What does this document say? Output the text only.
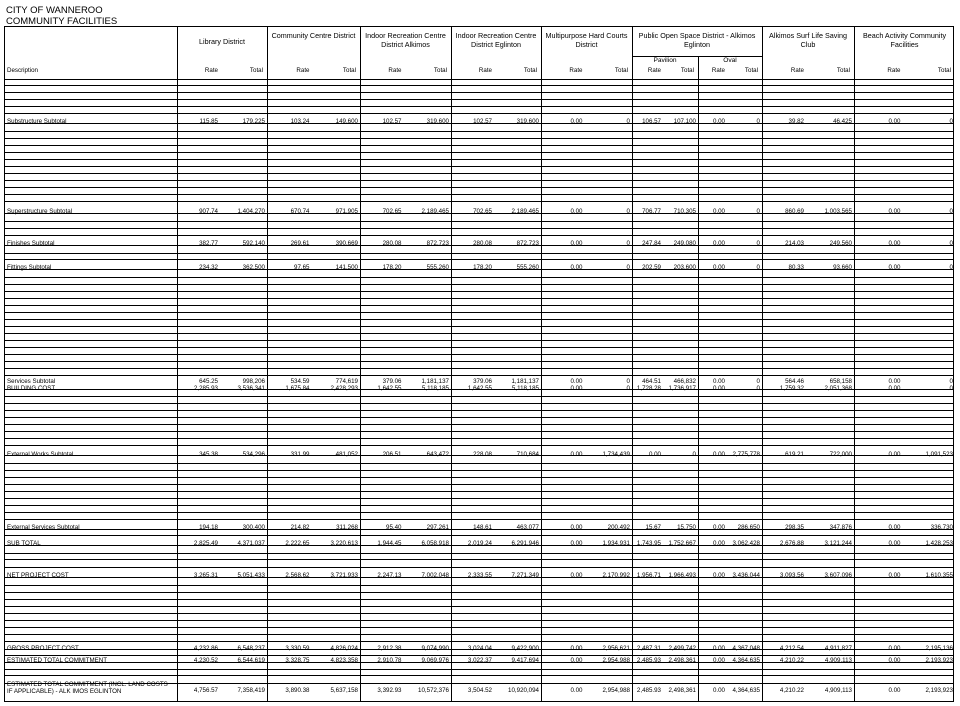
CITY OF WANNEROO
COMMUNITY FACILITIES
Library District
Community Centre District	Indoor Recreation Centre District Alkimos
Indoor Recreation Centre District Eglinton
Multipurpose Hard Courts District
Public Open Space District - Alkimos Eglinton
Alkimos Surf Life Saving Club
Beach Activity Community Facilities
Pavilion	Oval
Description	Rate	Total	Rate	Total	Rate	Total	Rate	Total	Rate	Total	Rate	Total	Rate	Total	Rate	Total	Rate	Total
Substructure Subtotal	115.85	179,225	103.24	149,600	102.57	319,600	102.57	319,600	0.00	0	106.57	107,100	0.00	0	39.82	46,425	0.00	0
Superstructure Subtotal	907.74	1,404,270	670.74	971,905	702.65	2,189,465	702.65	2,189,465	0.00	0	706.77	710,305	0.00	0	860.69	1,003,565	0.00	0
Finishes Subtotal	382.77	592,140	269.61	390,669	280.08	872,723	280.08	872,723	0.00	0	247.84	249,080	0.00	0	214.03	249,560	0.00	0
Fittings Subtotal	234.32	362,500	97.65	141,500	178.20	555,260	178.20	555,260	0.00	0	202.59	203,600	0.00	0	80.33	93,660	0.00	0
Services Subtotal	645.25	998,206	534.59	774,619	379.06	1,181,137	379.06	1,181,137	0.00	0	464.51	466,832	0.00	0	564.46	658,158	0.00	0
BUILDING COST	2,285.93	3,536,341	1,675.84	2,428,293	1,642.55	5,118,185	1,642.55	5,118,185	0.00	0	1,728.28	1,736,917	0.00	0	1,759.32	2,051,368	0.00	0
External Works Subtotal	345.38	534,296	331.99	481,052	206.51	643,472	228.08	710,684	0.00	1,734,439	0.00	0	0.00	2,775,778	619.21	722,000	0.00	1,091,523
External Services Subtotal	194.18	300,400	214.82	311,268	95.40	297,261	148.61	463,077	0.00	200,492	15.67	15,750	0.00	286,650	298.35	347,876	0.00	336,730
SUB TOTAL	2,825.49	4,371,037	2,222.65	3,220,613	1,944.45	6,058,918	2,019.24	6,291,946	0.00	1,934,931	1,743.95	1,752,667	0.00	3,062,428	2,676.88	3,121,244	0.00	1,428,253
NET PROJECT COST	3,265.31	5,051,433	2,568.62	3,721,933	2,247.13	7,002,048	2,333.55	7,271,349	0.00	2,170,992	1,956.71	1,966,493	0.00	3,436,044	3,093.56	3,607,096	0.00	1,610,355
GROSS PROJECT COST	4,232.86	6,548,237	3,330.59	4,826,024	2,912.38	9,074,990	3,024.04	9,422,900	0.00	2,956,621	2,487.31	2,499,742	0.00	4,367,048	4,212.54	4,911,827	0.00	2,195,136
ESTIMATED TOTAL COMMITMENT	4,230.52	6,544,619	3,328.75	4,823,358	2,910.78	9,069,976	3,022.37	9,417,694	0.00	2,954,988	2,485.93	2,498,361	0.00	4,364,635	4,210.22	4,909,113	0.00	2,193,923
ESTIMATED TOTAL COMMITMENT (INCL. LAND COSTS IF APPLICABLE) - ALK IMOS EGLINTON	4,756.57	7,358,419	3,890.38	5,637,158	3,392.93	10,572,376	3,504.52	10,920,094	0.00	2,954,988	2,485.93	2,498,361	0.00	4,364,635	4,210.22	4,909,113	0.00	2,193,923
